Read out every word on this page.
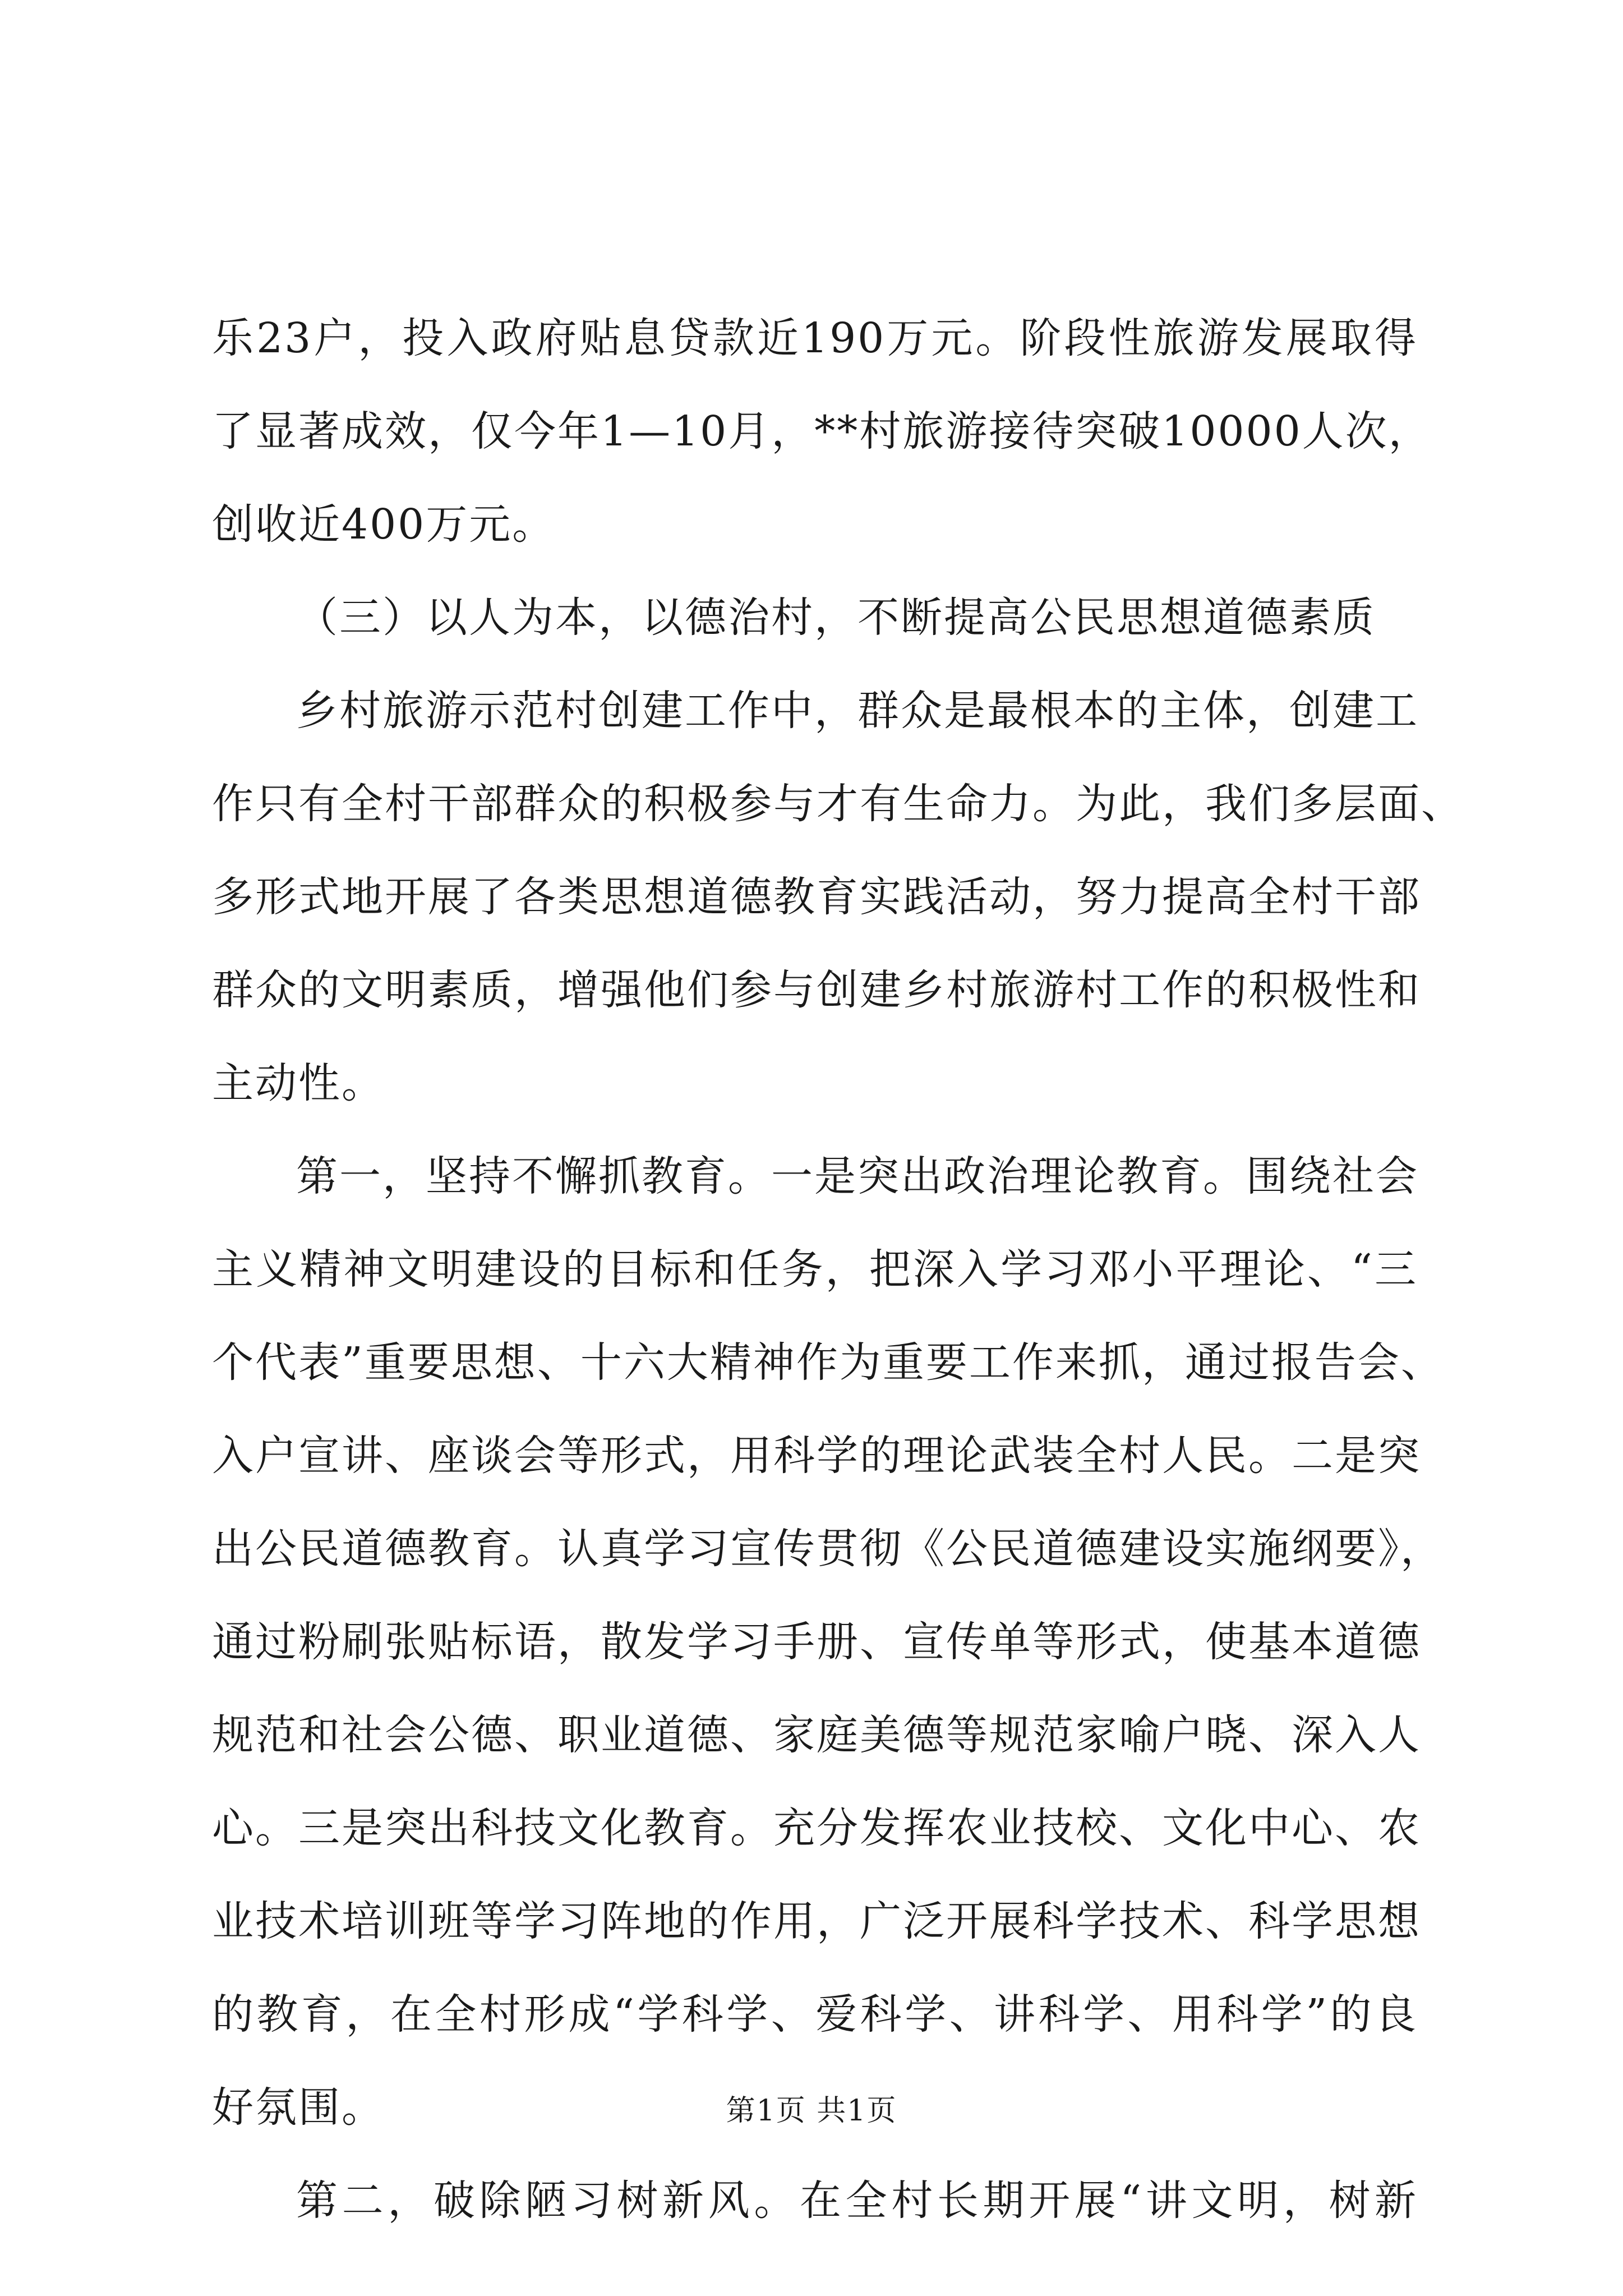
乐23户，投入政府贴息贷款近190万元。阶段性旅游发展取得
了显著成效，仅今年1—10月，**村旅游接待突破10000人次，
创收近400万元。
（三）以人为本，以德治村，不断提高公民思想道德素质
乡村旅游示范村创建工作中，群众是最根本的主体，创建工
作只有全村干部群众的积极参与才有生命力。为此，我们多层面、
多形式地开展了各类思想道德教育实践活动，努力提高全村干部
群众的文明素质，增强他们参与创建乡村旅游村工作的积极性和
主动性。
第一，坚持不懈抓教育。一是突出政治理论教育。围绕社会
主义精神文明建设的目标和任务，把深入学习邓小平理论、“三
个代表”重要思想、十六大精神作为重要工作来抓，通过报告会、
入户宣讲、座谈会等形式，用科学的理论武装全村人民。二是突
出公民道德教育。认真学习宣传贯彻《公民道德建设实施纲要》，
通过粉刷张贴标语，散发学习手册、宣传单等形式，使基本道德
规范和社会公德、职业道德、家庭美德等规范家喻户晓、深入人
心。三是突出科技文化教育。充分发挥农业技校、文化中心、农
业技术培训班等学习阵地的作用，广泛开展科学技术、科学思想
的教育，在全村形成“学科学、爱科学、讲科学、用科学”的良
好氛围。
第二，破除陋习树新风。在全村长期开展“讲文明，树新
第1页 共1页
